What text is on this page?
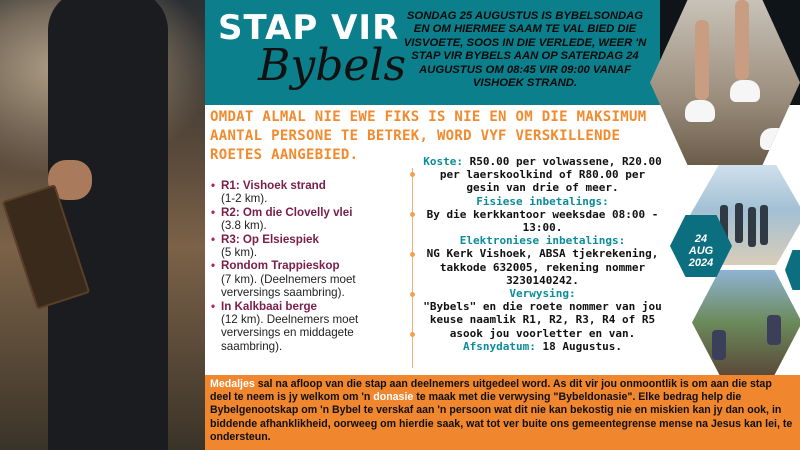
STAP VIR
Bybels
SONDAG 25 AUGUSTUS IS BYBELSONDAG EN OM HIERMEE SAAM TE VAL BIED DIE VISVOETE, SOOS IN DIE VERLEDE, WEER 'N STAP VIR BYBELS AAN OP SATERDAG 24 AUGUSTUS OM 08:45 VIR 09:00 VANAF VISHOEK STRAND.
24
AUG
2024
OMDAT ALMAL NIE EWE FIKS IS NIE EN OM DIE MAKSIMUM AANTAL PERSONE TE BETREK, WORD VYF VERSKILLENDE ROETES AANGEBIED.
• R1: Vishoek strand
(1-2 km).
• R2: Om die Clovelly vlei
(3.8 km).
• R3: Op Elsiespiek
(5 km).
• Rondom Trappieskop
(7 km). (Deelnemers moet verversings saambring).
• In Kalkbaai berge
(12 km). Deelnemers moet verversings en middagete saambring).
Koste: R50.00 per volwassene, R20.00 per laerskoolkind of R80.00 per gesin van drie of meer.
Fisiese inbetalings:
By die kerkkantoor weeksdae 08:00 - 13:00.
Elektroniese inbetalings:
NG Kerk Vishoek, ABSA tjekrekening, takkode 632005, rekening nommer 3230140242.
Verwysing:
"Bybels" en die roete nommer van jou keuse naamlik R1, R2, R3, R4 of R5 asook jou voorletter en van.
Afsnydatum: 18 Augustus.
Medaljes sal na afloop van die stap aan deelnemers uitgedeel word. As dit vir jou onmoontlik is om aan die stap deel te neem is jy welkom om 'n donasie te maak met die verwysing "Bybeldonasie". Elke bedrag help die Bybelgenootskap om 'n Bybel te verskaf aan 'n persoon wat dit nie kan bekostig nie en miskien kan jy dan ook, in biddende afhanklikheid, oorweeg om hierdie saak, wat tot ver buite ons gemeentegrense mense na Jesus kan lei, te ondersteun.
